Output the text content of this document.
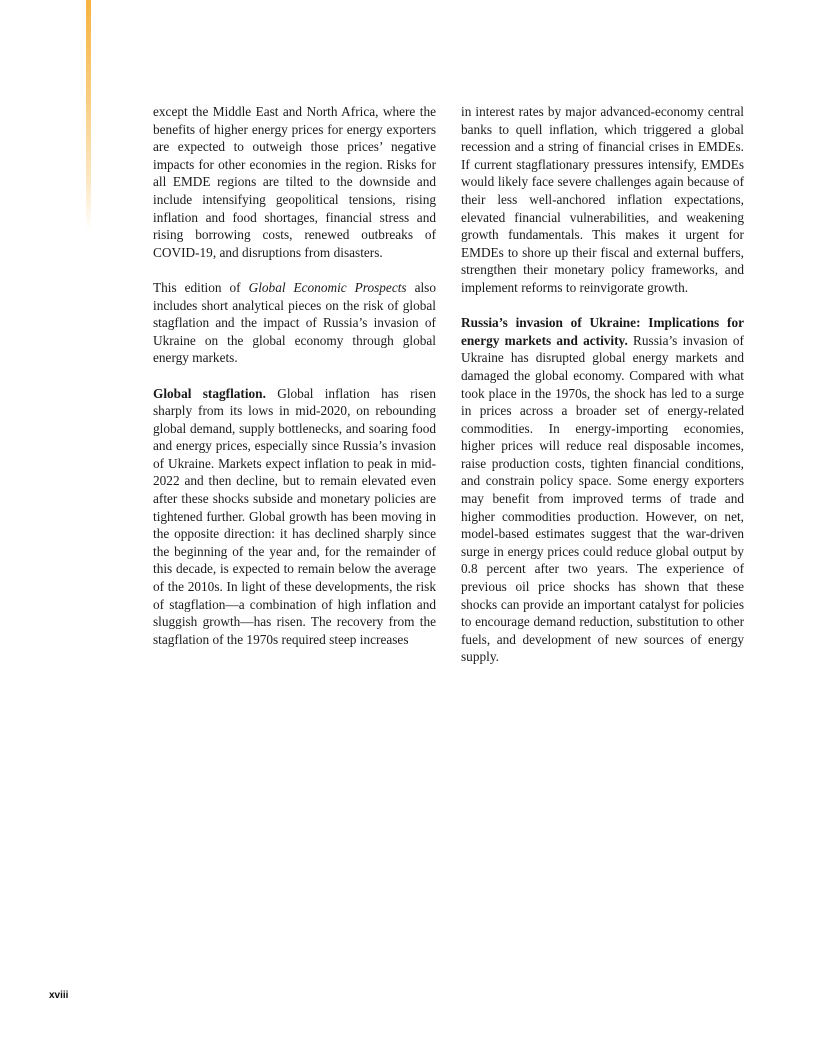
except the Middle East and North Africa, where the benefits of higher energy prices for energy exporters are expected to outweigh those prices’ negative impacts for other economies in the region. Risks for all EMDE regions are tilted to the downside and include intensifying geopolitical tensions, rising inflation and food shortages, financial stress and rising borrowing costs, renewed outbreaks of COVID-19, and disruptions from disasters.

This edition of Global Economic Prospects also includes short analytical pieces on the risk of global stagflation and the impact of Russia’s invasion of Ukraine on the global economy through global energy markets.

Global stagflation. Global inflation has risen sharply from its lows in mid-2020, on rebounding global demand, supply bottlenecks, and soaring food and energy prices, especially since Russia’s invasion of Ukraine. Markets expect inflation to peak in mid-2022 and then decline, but to remain elevated even after these shocks subside and monetary policies are tightened further. Global growth has been moving in the opposite direction: it has declined sharply since the beginning of the year and, for the remainder of this decade, is expected to remain below the average of the 2010s. In light of these developments, the risk of stagflation—a combination of high inflation and sluggish growth—has risen. The recovery from the stagflation of the 1970s required steep increases

in interest rates by major advanced-economy central banks to quell inflation, which triggered a global recession and a string of financial crises in EMDEs. If current stagflationary pressures intensify, EMDEs would likely face severe challenges again because of their less well-anchored inflation expectations, elevated financial vulnerabilities, and weakening growth fundamentals. This makes it urgent for EMDEs to shore up their fiscal and external buffers, strengthen their monetary policy frameworks, and implement reforms to reinvigorate growth.

Russia’s invasion of Ukraine: Implications for energy markets and activity. Russia’s invasion of Ukraine has disrupted global energy markets and damaged the global economy. Compared with what took place in the 1970s, the shock has led to a surge in prices across a broader set of energy-related commodities. In energy-importing economies, higher prices will reduce real disposable incomes, raise production costs, tighten financial conditions, and constrain policy space. Some energy exporters may benefit from improved terms of trade and higher commodities production. However, on net, model-based estimates suggest that the war-driven surge in energy prices could reduce global output by 0.8 percent after two years. The experience of previous oil price shocks has shown that these shocks can provide an important catalyst for policies to encourage demand reduction, substitution to other fuels, and development of new sources of energy supply.

xviii
